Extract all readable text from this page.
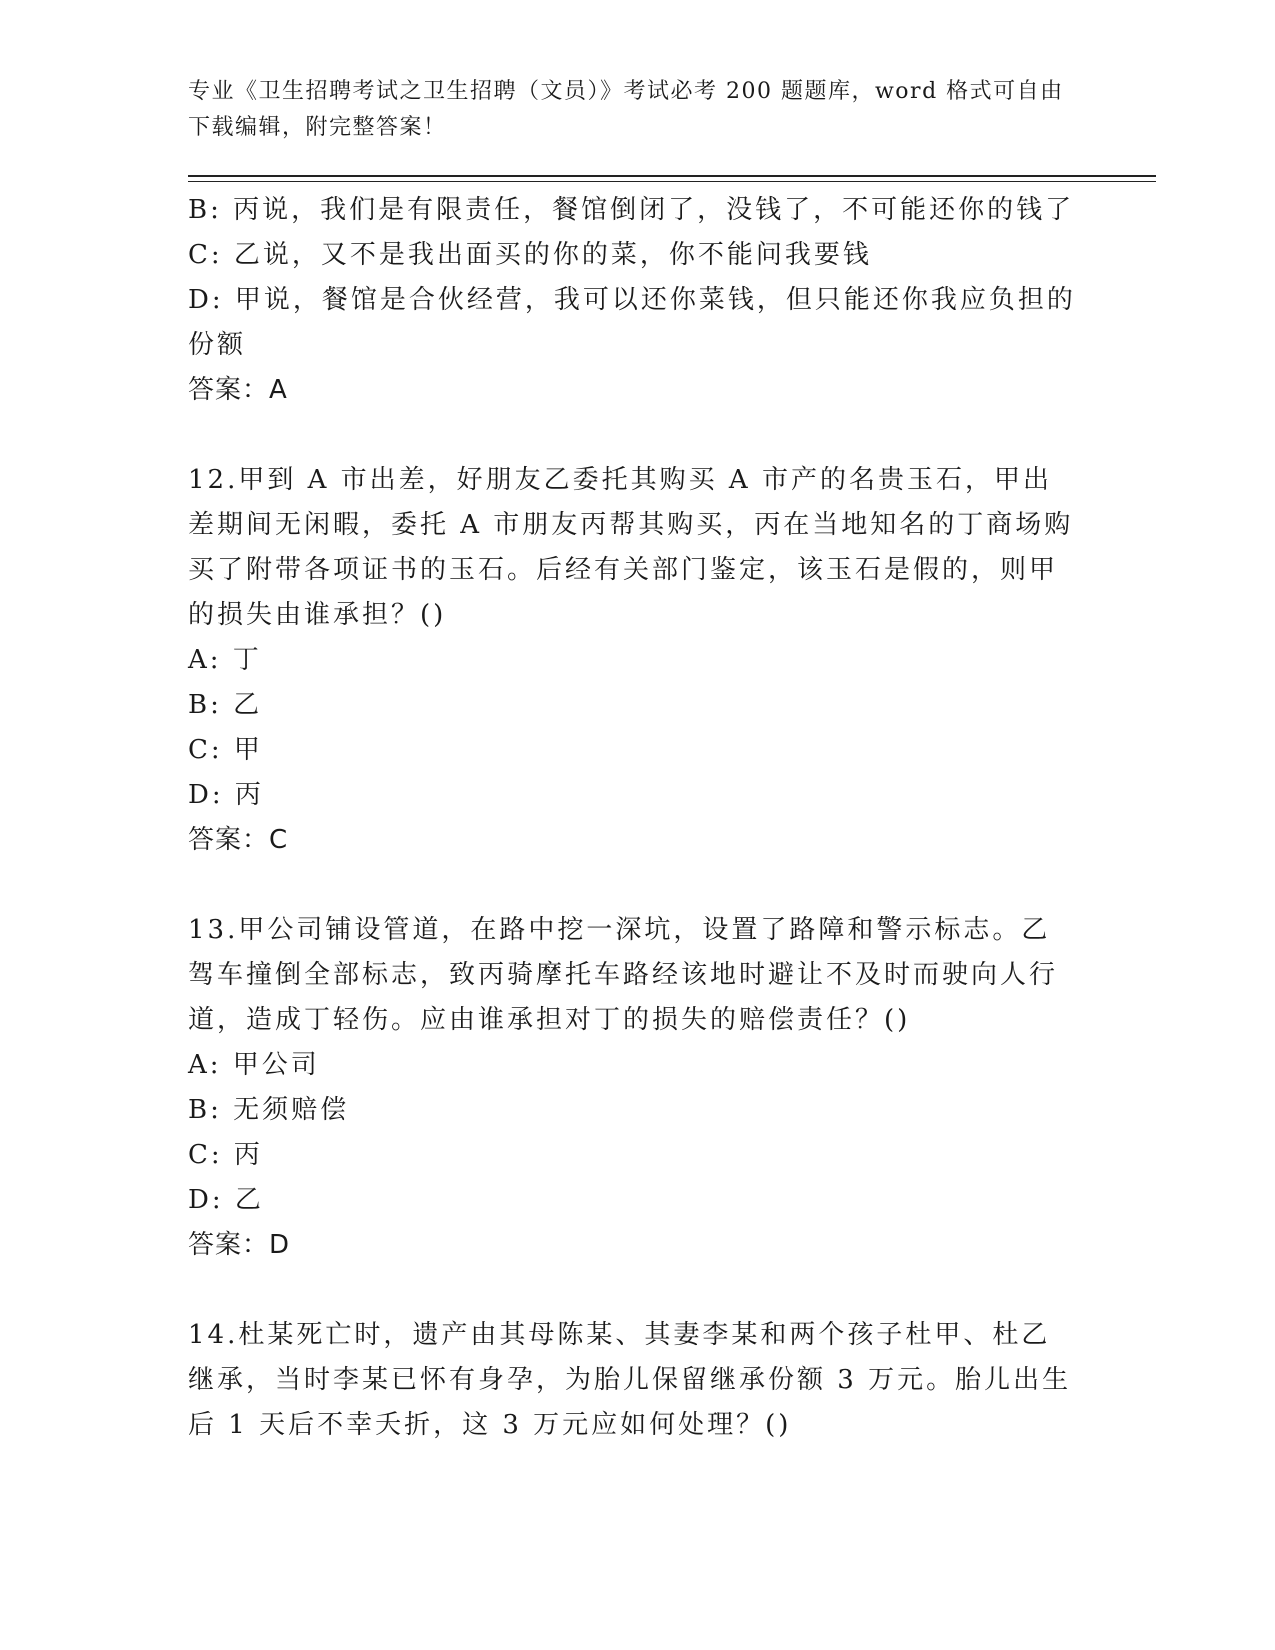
专业《卫生招聘考试之卫生招聘（文员）》考试必考 200 题题库，word 格式可自由下载编辑，附完整答案！

B: 丙说，我们是有限责任，餐馆倒闭了，没钱了，不可能还你的钱了

C: 乙说，又不是我出面买的你的菜，你不能问我要钱

D: 甲说，餐馆是合伙经营，我可以还你菜钱，但只能还你我应负担的份额

答案：A

12.甲到 A 市出差，好朋友乙委托其购买 A 市产的名贵玉石，甲出差期间无闲暇，委托 A 市朋友丙帮其购买，丙在当地知名的丁商场购买了附带各项证书的玉石。后经有关部门鉴定，该玉石是假的，则甲的损失由谁承担？()

A: 丁

B: 乙

C: 甲

D: 丙

答案：C

13.甲公司铺设管道，在路中挖一深坑，设置了路障和警示标志。乙驾车撞倒全部标志，致丙骑摩托车路经该地时避让不及时而驶向人行道，造成丁轻伤。应由谁承担对丁的损失的赔偿责任？()

A: 甲公司

B: 无须赔偿

C: 丙

D: 乙

答案：D

14.杜某死亡时，遗产由其母陈某、其妻李某和两个孩子杜甲、杜乙继承，当时李某已怀有身孕，为胎儿保留继承份额 3 万元。胎儿出生后 1 天后不幸夭折，这 3 万元应如何处理？()
